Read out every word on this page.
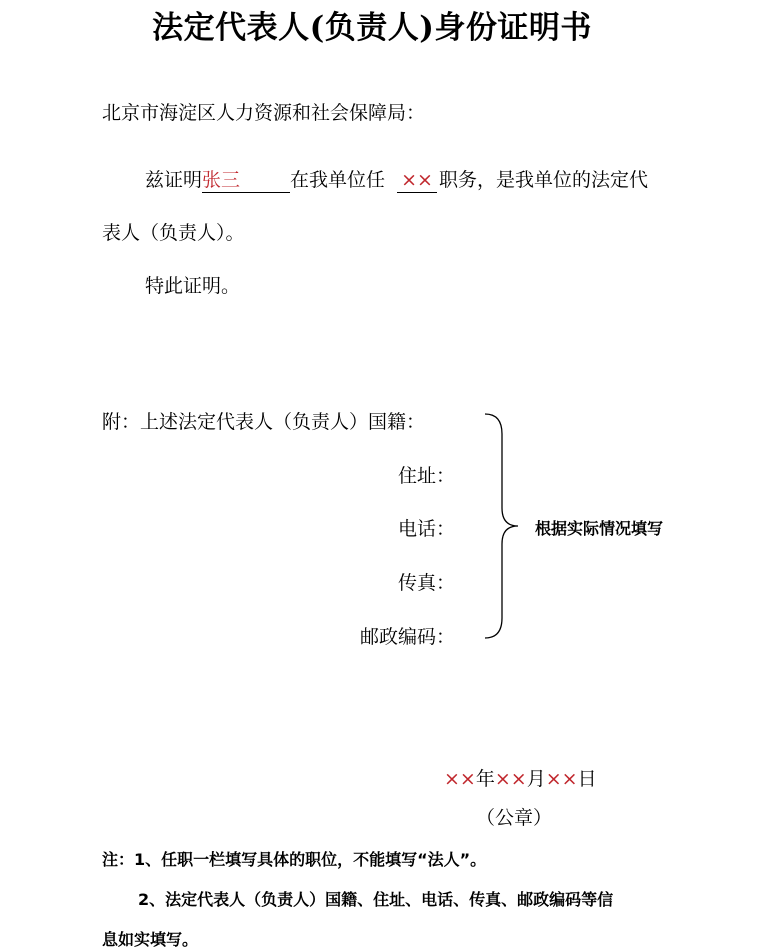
法定代表人(负责人)身份证明书
北京市海淀区人力资源和社会保障局：
兹证明张三	在我单位任 ×× 职务，是我单位的法定代
表人（负责人）。
特此证明。
附：上述法定代表人（负责人）国籍：
住址：
电话：
传真：
邮政编码：
根据实际情况填写
××年××月××日
（公章）
注：1、任职一栏填写具体的职位，不能填写“法人”。
2、法定代表人（负责人）国籍、住址、电话、传真、邮政编码等信
息如实填写。
